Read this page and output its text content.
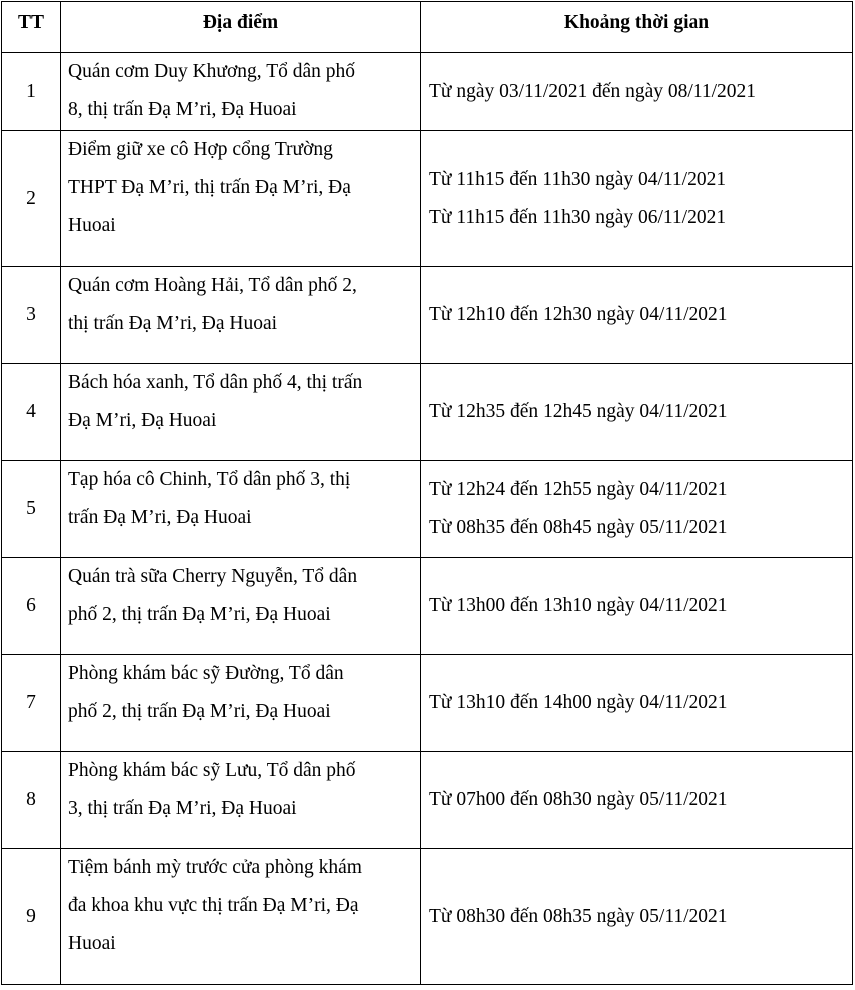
TT	Địa điểm	Khoảng thời gian
1	Quán cơm Duy Khương, Tổ dân phố
8, thị trấn Đạ M’ri, Đạ Huoai	Từ ngày 03/11/2021 đến ngày 08/11/2021

2	Điểm giữ xe cô Hợp cổng Trường
THPT Đạ M’ri, thị trấn Đạ M’ri, Đạ
Huoai	Từ 11h15 đến 11h30 ngày 04/11/2021
Từ 11h15 đến 11h30 ngày 06/11/2021

3	Quán cơm Hoàng Hải, Tổ dân phố 2,
thị trấn Đạ M’ri, Đạ Huoai	Từ 12h10 đến 12h30 ngày 04/11/2021

4	Bách hóa xanh, Tổ dân phố 4, thị trấn
Đạ M’ri, Đạ Huoai	Từ 12h35 đến 12h45 ngày 04/11/2021

5	Tạp hóa cô Chinh, Tổ dân phố 3, thị
trấn Đạ M’ri, Đạ Huoai	Từ 12h24 đến 12h55 ngày 04/11/2021
Từ 08h35 đến 08h45 ngày 05/11/2021

6	Quán trà sữa Cherry Nguyễn, Tổ dân
phố 2, thị trấn Đạ M’ri, Đạ Huoai	Từ 13h00 đến 13h10 ngày 04/11/2021

7	Phòng khám bác sỹ Đường, Tổ dân
phố 2, thị trấn Đạ M’ri, Đạ Huoai	Từ 13h10 đến 14h00 ngày 04/11/2021

8	Phòng khám bác sỹ Lưu, Tổ dân phố
3, thị trấn Đạ M’ri, Đạ Huoai	Từ 07h00 đến 08h30 ngày 05/11/2021

9	Tiệm bánh mỳ trước cửa phòng khám
đa khoa khu vực thị trấn Đạ M’ri, Đạ
Huoai	Từ 08h30 đến 08h35 ngày 05/11/2021
